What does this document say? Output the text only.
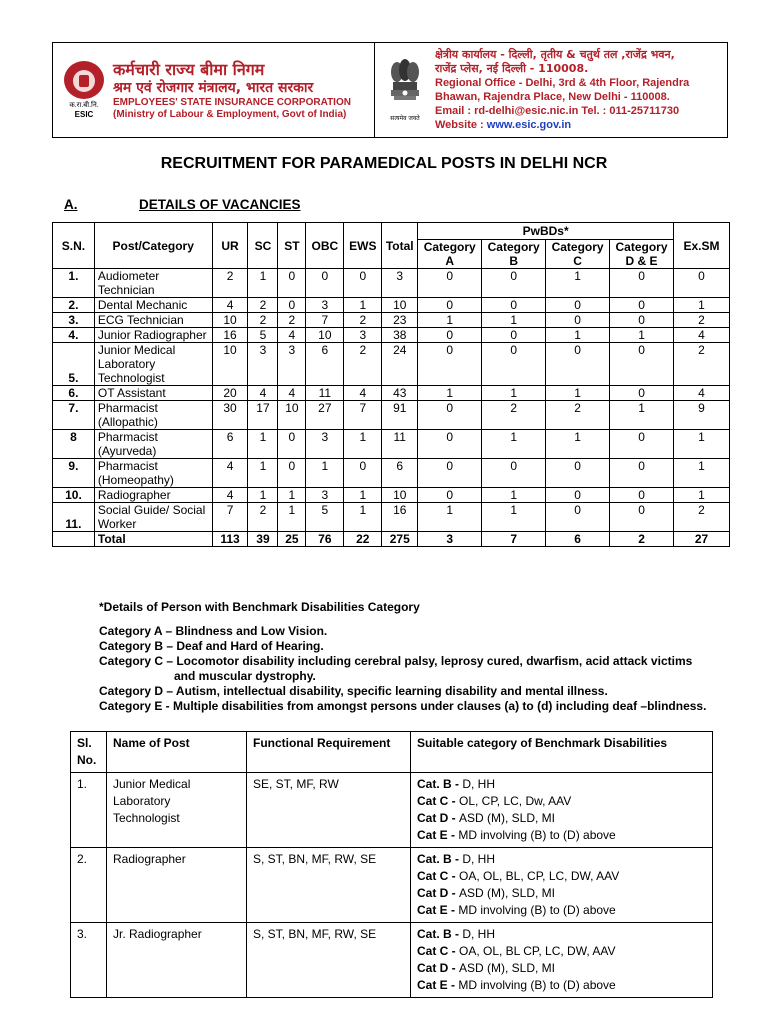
क.रा.बी.नि.
ESIC
कर्मचारी राज्य बीमा निगम
श्रम एवं रोजगार मंत्रालय, भारत सरकार
EMPLOYEES' STATE INSURANCE CORPORATION
(Ministry of Labour & Employment, Govt of India)	सत्यमेव जयते
क्षेत्रीय कार्यालय - दिल्ली, तृतीय & चतुर्थ तल ,राजेंद्र भवन,
राजेंद्र प्लेस, नई दिल्ली - 110008.
Regional Office - Delhi, 3rd & 4th Floor, Rajendra
Bhawan, Rajendra Place, New Delhi - 110008.
Email : rd-delhi@esic.nic.in Tel. : 011-25711730
Website : www.esic.gov.in
RECRUITMENT FOR PARAMEDICAL POSTS IN DELHI NCR
A.	DETAILS OF VACANCIES
S.N.	Post/Category	UR	SC	ST	OBC	EWS	Total	PwBDs*				Ex.SM
								Category A	Category B	Category C	Category D & E	
1.	Audiometer Technician	2	1	0	0	0	3	0	0	1	0	0
2.	Dental Mechanic	4	2	0	3	1	10	0	0	0	0	1
3.	ECG Technician	10	2	2	7	2	23	1	1	0	0	2
4.	Junior Radiographer	16	5	4	10	3	38	0	0	1	1	4
5.	Junior Medical Laboratory Technologist	10	3	3	6	2	24	0	0	0	0	2
6.	OT Assistant	20	4	4	11	4	43	1	1	1	0	4
7.	Pharmacist (Allopathic)	30	17	10	27	7	91	0	2	2	1	9
8	Pharmacist (Ayurveda)	6	1	0	3	1	11	0	1	1	0	1
9.	Pharmacist (Homeopathy)	4	1	0	1	0	6	0	0	0	0	1
10.	Radiographer	4	1	1	3	1	10	0	1	0	0	1
11.	Social Guide/ Social Worker	7	2	1	5	1	16	1	1	0	0	2
	Total	113	39	25	76	22	275	3	7	6	2	27
*Details of Person with Benchmark Disabilities Category
Category A – Blindness and Low Vision.
Category B – Deaf and Hard of Hearing.
Category C – Locomotor disability including cerebral palsy, leprosy cured, dwarfism, acid attack victims
and muscular dystrophy.
Category D – Autism, intellectual disability, specific learning disability and mental illness.
Category E - Multiple disabilities from amongst persons under clauses (a) to (d) including deaf –blindness.
Sl. No.	Name of Post	Functional Requirement	Suitable category of Benchmark Disabilities
1.	Junior Medical Laboratory Technologist	SE, ST, MF, RW	Cat. B - D, HH
Cat C - OL, CP, LC, Dw, AAV
Cat D - ASD (M), SLD, MI
Cat E - MD involving (B) to (D) above

2.	Radiographer	S, ST, BN, MF, RW, SE	Cat. B - D, HH
Cat C - OA, OL, BL, CP, LC, DW, AAV
Cat D - ASD (M), SLD, MI
Cat E - MD involving (B) to (D) above

3.	Jr. Radiographer	S, ST, BN, MF, RW, SE	Cat. B - D, HH
Cat C - OA, OL, BL CP, LC, DW, AAV
Cat D - ASD (M), SLD, MI
Cat E - MD involving (B) to (D) above
